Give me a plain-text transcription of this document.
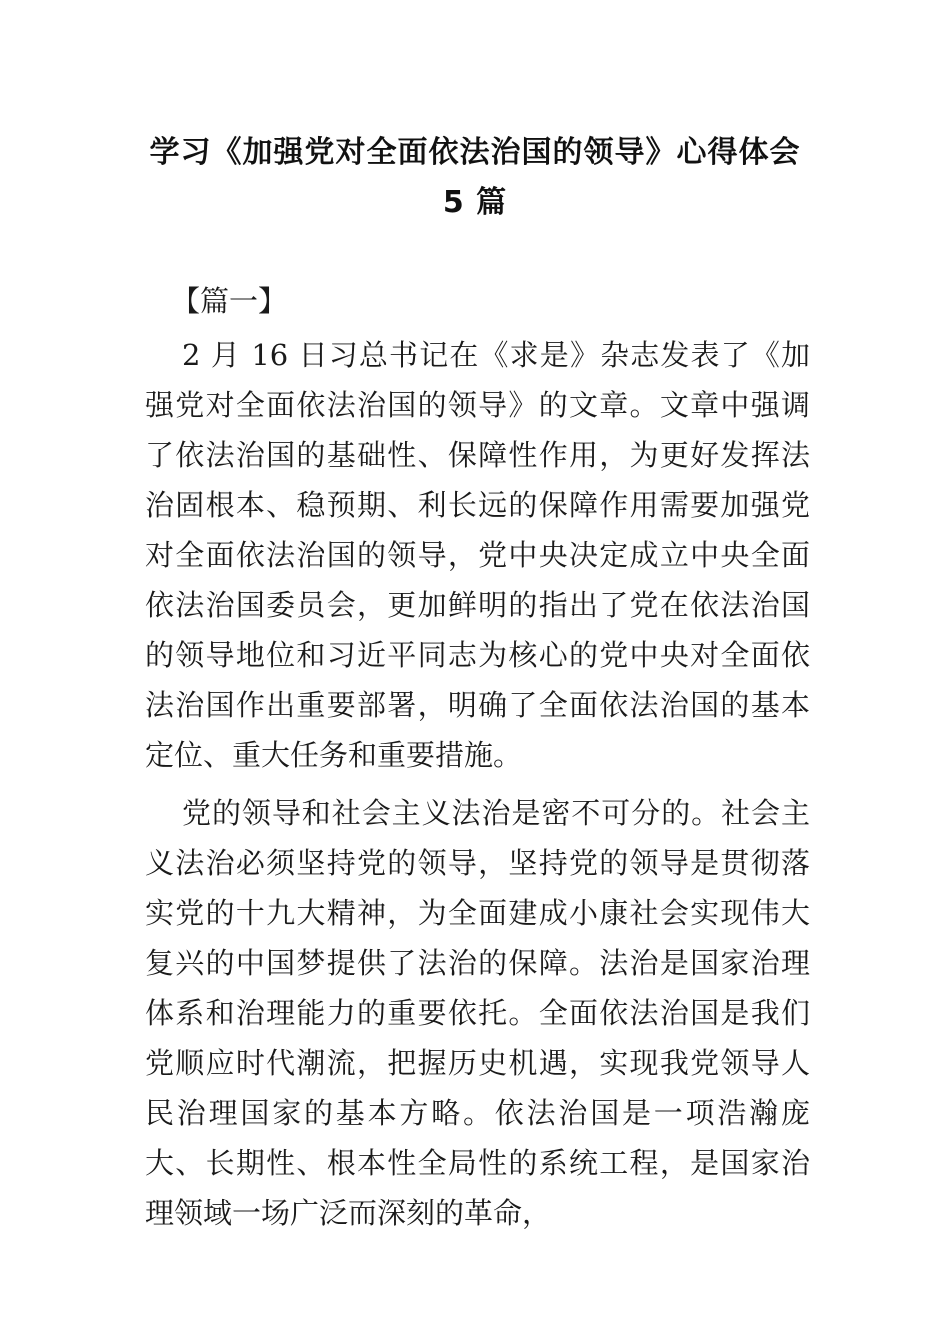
学习《加强党对全面依法治国的领导》心得体会 5 篇
【篇一】

2 月 16 日习总书记在《求是》杂志发表了《加强党对全面依法治国的领导》的文章。文章中强调了依法治国的基础性、保障性作用，为更好发挥法治固根本、稳预期、利长远的保障作用需要加强党对全面依法治国的领导，党中央决定成立中央全面依法治国委员会，更加鲜明的指出了党在依法治国的领导地位和习近平同志为核心的党中央对全面依法治国作出重要部署，明确了全面依法治国的基本定位、重大任务和重要措施。

党的领导和社会主义法治是密不可分的。社会主义法治必须坚持党的领导，坚持党的领导是贯彻落实党的十九大精神，为全面建成小康社会实现伟大复兴的中国梦提供了法治的保障。法治是国家治理体系和治理能力的重要依托。全面依法治国是我们党顺应时代潮流，把握历史机遇，实现我党领导人民治理国家的基本方略。依法治国是一项浩瀚庞大、长期性、根本性全局性的系统工程，是国家治理领域一场广泛而深刻的革命，
